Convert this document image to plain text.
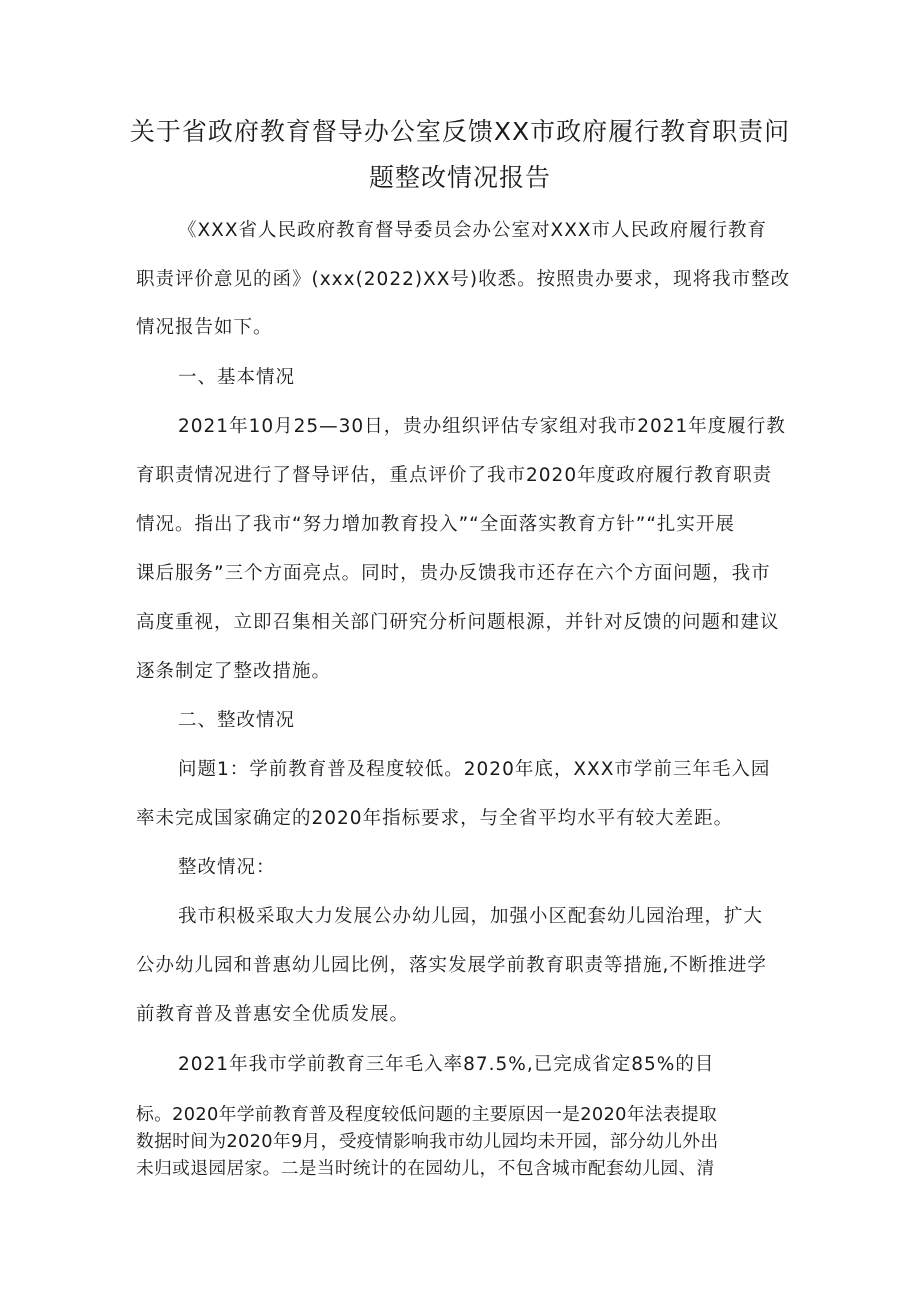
关于省政府教育督导办公室反馈XX市政府履行教育职责问
题整改情况报告

《XXX省人民政府教育督导委员会办公室对XXX市人民政府履行教育

职责评价意见的函》(xxx(2022)XX号)收悉。按照贵办要求，现将我市整改

情况报告如下。

一、基本情况

2021年10月25—30日，贵办组织评估专家组对我市2021年度履行教

育职责情况进行了督导评估，重点评价了我市2020年度政府履行教育职责

情况。指出了我市“努力增加教育投入”“全面落实教育方针”“扎实开展

课后服务”三个方面亮点。同时，贵办反馈我市还存在六个方面问题，我市

高度重视，立即召集相关部门研究分析问题根源，并针对反馈的问题和建议

逐条制定了整改措施。

二、整改情况

问题1：学前教育普及程度较低。2020年底，XXX市学前三年毛入园

率未完成国家确定的2020年指标要求，与全省平均水平有较大差距。

整改情况：

我市积极采取大力发展公办幼儿园，加强小区配套幼儿园治理，扩大

公办幼儿园和普惠幼儿园比例，落实发展学前教育职责等措施,不断推进学

前教育普及普惠安全优质发展。

2021年我市学前教育三年毛入率87.5%,已完成省定85%的目

标。2020年学前教育普及程度较低问题的主要原因一是2020年法表提取

数据时间为2020年9月，受疫情影响我市幼儿园均未开园，部分幼儿外出

未归或退园居家。二是当时统计的在园幼儿，不包含城市配套幼儿园、清
